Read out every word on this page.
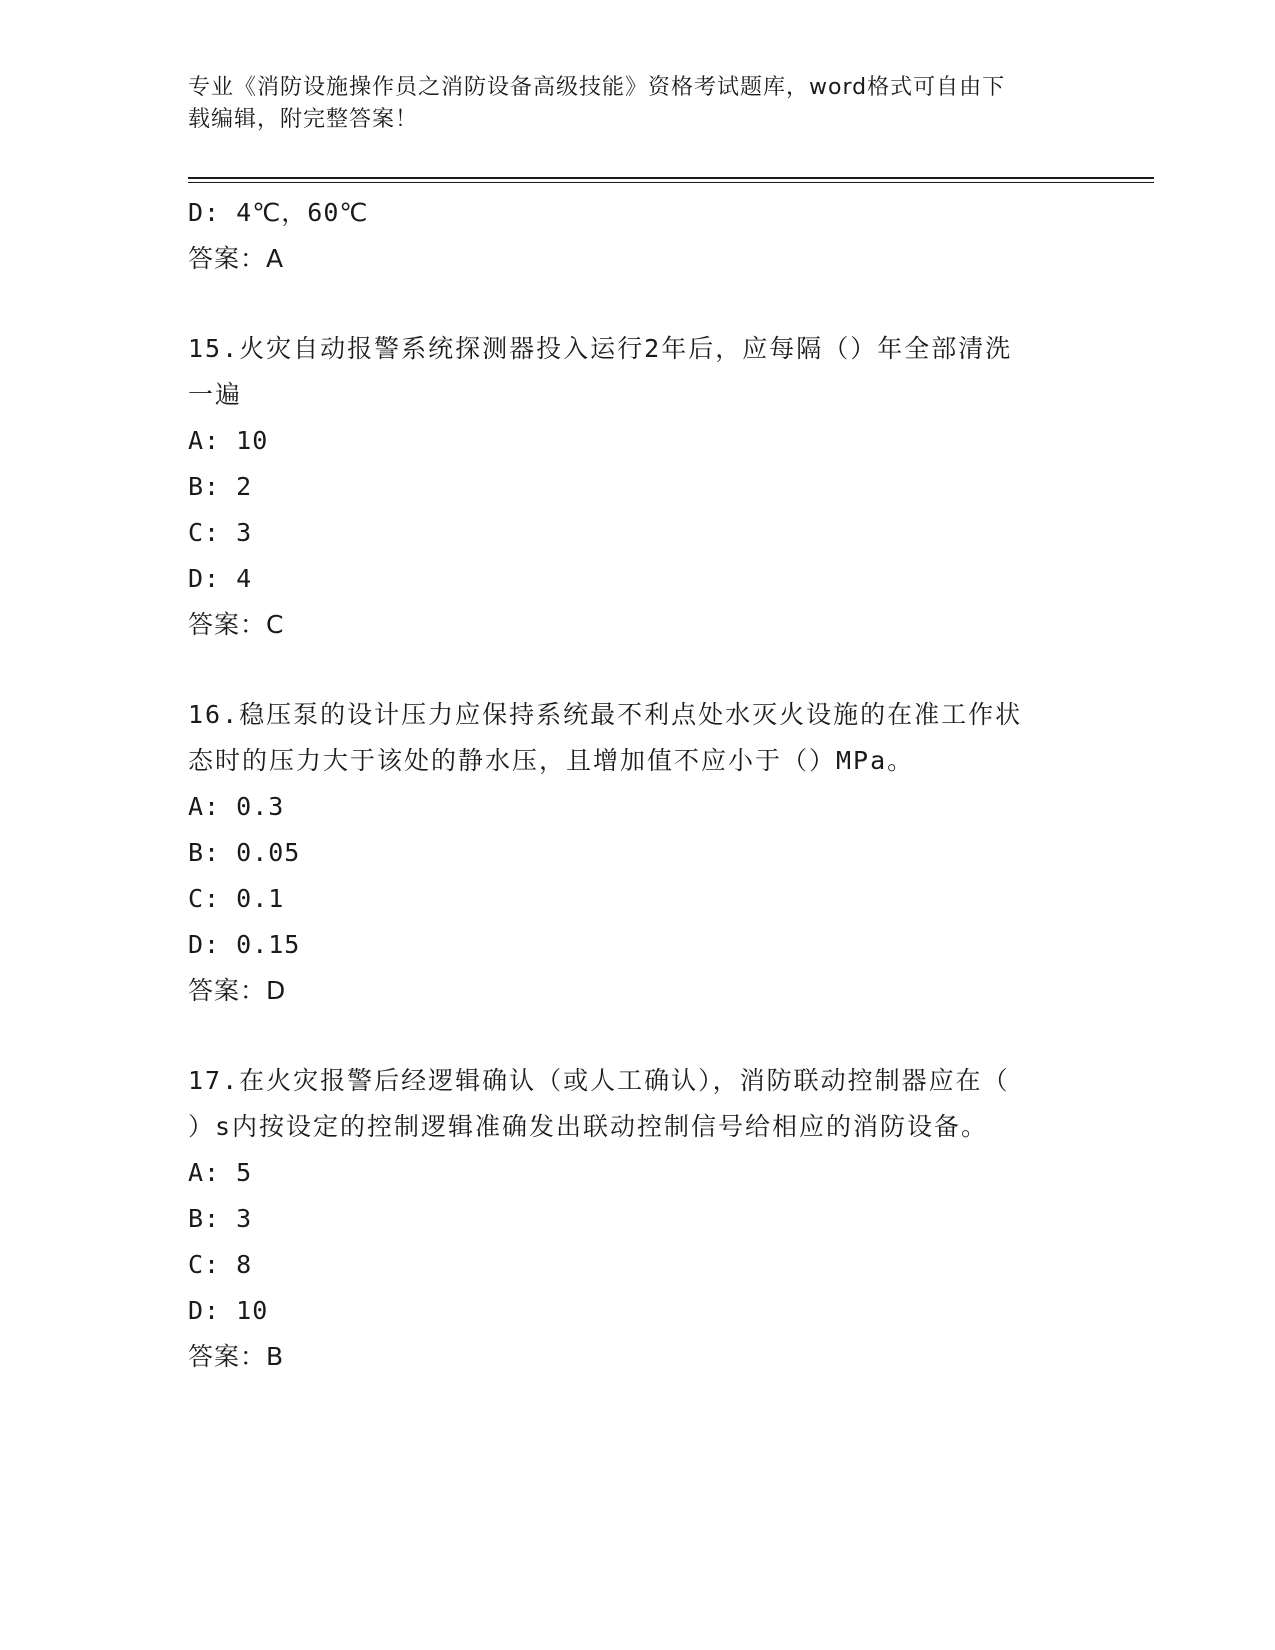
专业《消防设施操作员之消防设备高级技能》资格考试题库，word格式可自由下
载编辑，附完整答案！
D: 4℃，60℃
答案：A
15.火灾自动报警系统探测器投入运行2年后，应每隔（）年全部清洗
一遍
A: 10
B: 2
C: 3
D: 4
答案：C
16.稳压泵的设计压力应保持系统最不利点处水灭火设施的在准工作状
态时的压力大于该处的静水压，且增加值不应小于（）MPa。
A: 0.3
B: 0.05
C: 0.1
D: 0.15
答案：D
17.在火灾报警后经逻辑确认（或人工确认），消防联动控制器应在（
）s内按设定的控制逻辑准确发出联动控制信号给相应的消防设备。
A: 5
B: 3
C: 8
D: 10
答案：B
